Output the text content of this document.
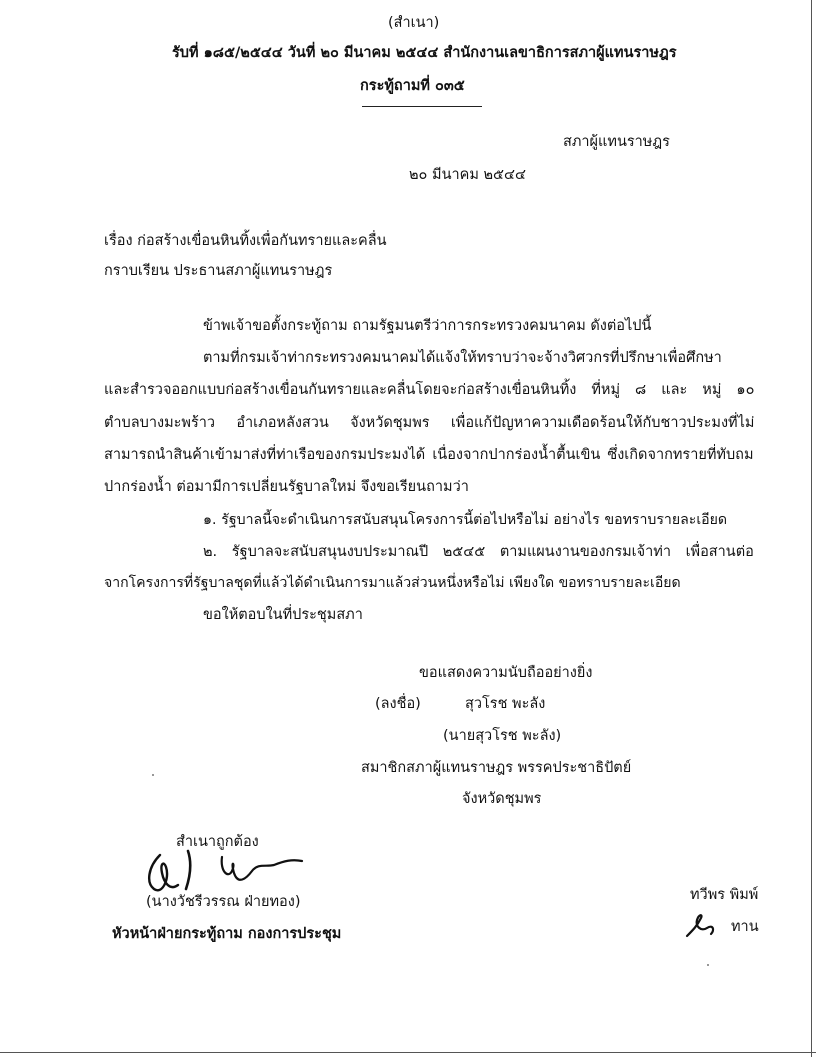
(สำเนา)
รับที่ ๑๘๕/๒๕๔๔ วันที่ ๒๐ มีนาคม ๒๕๔๔ สำนักงานเลขาธิการสภาผู้แทนราษฎร
กระทู้ถามที่ ๐๓๕
สภาผู้แทนราษฎร
๒๐ มีนาคม ๒๕๔๔
เรื่อง ก่อสร้างเขื่อนหินทิ้งเพื่อกันทรายและคลื่น
กราบเรียน ประธานสภาผู้แทนราษฎร
ข้าพเจ้าขอตั้งกระทู้ถาม ถามรัฐมนตรีว่าการกระทรวงคมนาคม ดังต่อไปนี้
ตามที่กรมเจ้าท่ากระทรวงคมนาคมได้แจ้งให้ทราบว่าจะจ้างวิศวกรที่ปรึกษาเพื่อศึกษา
และสำรวจออกแบบก่อสร้างเขื่อนกันทรายและคลื่นโดยจะก่อสร้างเขื่อนหินทิ้ง ที่หมู่ ๘ และ หมู่ ๑๐
ตำบลบางมะพร้าว อำเภอหลังสวน จังหวัดชุมพร เพื่อแก้ปัญหาความเดือดร้อนให้กับชาวประมงที่ไม่
สามารถนำสินค้าเข้ามาส่งที่ท่าเรือของกรมประมงได้ เนื่องจากปากร่องน้ำตื้นเขิน ซึ่งเกิดจากทรายที่ทับถม
ปากร่องน้ำ ต่อมามีการเปลี่ยนรัฐบาลใหม่ จึงขอเรียนถามว่า
๑. รัฐบาลนี้จะดำเนินการสนับสนุนโครงการนี้ต่อไปหรือไม่ อย่างไร ขอทราบรายละเอียด
๒. รัฐบาลจะสนับสนุนงบประมาณปี ๒๕๔๕ ตามแผนงานของกรมเจ้าท่า เพื่อสานต่อ
จากโครงการที่รัฐบาลชุดที่แล้วได้ดำเนินการมาแล้วส่วนหนึ่งหรือไม่ เพียงใด ขอทราบรายละเอียด
ขอให้ตอบในที่ประชุมสภา
ขอแสดงความนับถืออย่างยิ่ง
(ลงชื่อ)	สุวโรช พะลัง
(นายสุวโรช พะลัง)
สมาชิกสภาผู้แทนราษฎร พรรคประชาธิปัตย์
จังหวัดชุมพร
สำเนาถูกต้อง
(นางวัชรีวรรณ ฝ่ายทอง)
หัวหน้าฝ่ายกระทู้ถาม กองการประชุม
ทวีพร พิมพ์
ทาน
